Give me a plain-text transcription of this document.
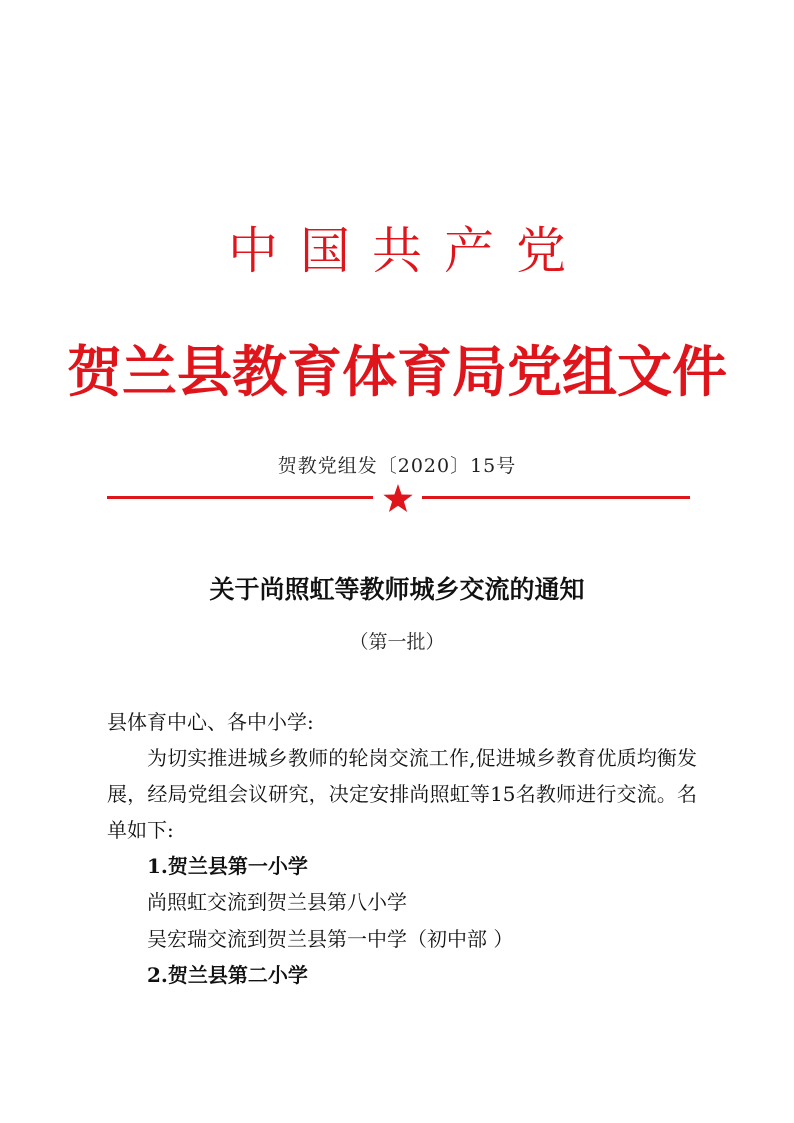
中国共产党
贺兰县教育体育局党组文件
贺教党组发〔2020〕15号
关于尚照虹等教师城乡交流的通知
（第一批）
县体育中心、各中小学:
为切实推进城乡教师的轮岗交流工作,促进城乡教育优质均衡发展，经局党组会议研究，决定安排尚照虹等15名教师进行交流。名单如下:
1.贺兰县第一小学
尚照虹交流到贺兰县第八小学
吴宏瑞交流到贺兰县第一中学（初中部 ）
2.贺兰县第二小学
